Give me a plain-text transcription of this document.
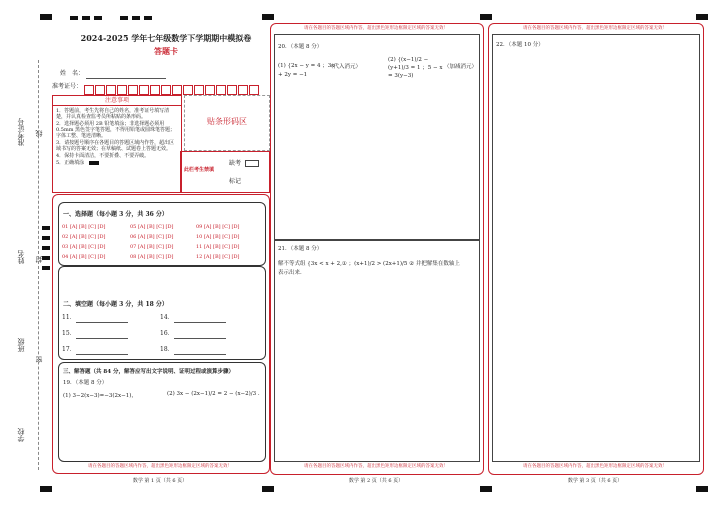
准考证号 线
姓名 封
班级
密
学校
2024-2025 学年七年级数学下学期期中模拟卷
答题卡
姓　名：
准考证号：
注意事项
1．答题前，考生先将自己的姓名，准考证号填写清楚，并认真检查监考员所粘贴的条形码。
2．选择题必须用 2B 铅笔填涂；非选择题必须用 0.5mm 黑色签字笔答题，不得用铅笔或圆珠笔答题；字体工整、笔迹清晰。
3．请按题号顺序在各题目的答题区域内作答，超出区域书写的答案无效；在草稿纸、试题卷上答题无效。
4．保持卡面清洁，不要折叠、不要弄破。
5．正确填涂
贴条形码区
此栏考生禁填
缺考
标记
一、选择题（每小题 3 分，共 36 分）
01 [A] [B] [C] [D]	05 [A] [B] [C] [D]	09 [A] [B] [C] [D]
02 [A] [B] [C] [D]	06 [A] [B] [C] [D]	10 [A] [B] [C] [D]
03 [A] [B] [C] [D]	07 [A] [B] [C] [D]	11 [A] [B] [C] [D]
04 [A] [B] [C] [D]	08 [A] [B] [C] [D]	12 [A] [B] [C] [D]
二、填空题（每小题 3 分，共 18 分）
11．	14．
15．	16．
17．	18．
三、解答题（共 84 分，解答应写出文字说明、证明过程或演算步骤）
19．（本题 8 分）
(1) 3−2(x−3)=−3(2x−1)，	(2) 3x − (2x−1)/2 = 2 − (x−2)/3 .
请在各题目的答题区域内作答，超出黑色矩形边框限定区域的答案无效！
数学 第 1 页（共 6 页）
请在各题目的答题区域内作答，超出黑色矩形边框限定区域的答案无效！
20．（本题 8 分）
(1) {2x − y = 4 ；3x + 2y = −1
（代入消元）
(2) {(x−1)/2 − (y+1)/3 = 1 ；5 − x = 3(y−3)
（加减消元）
21．（本题 8 分）
解不等式组 {3x < x + 2,① ；(x+1)/2 > (2x+1)/5 ② 并把解集在数轴上表示出来.
请在各题目的答题区域内作答，超出黑色矩形边框限定区域的答案无效！
数学 第 2 页（共 6 页）
请在各题目的答题区域内作答，超出黑色矩形边框限定区域的答案无效！
22．（本题 10 分）
请在各题目的答题区域内作答，超出黑色矩形边框限定区域的答案无效！
数学 第 3 页（共 6 页）
